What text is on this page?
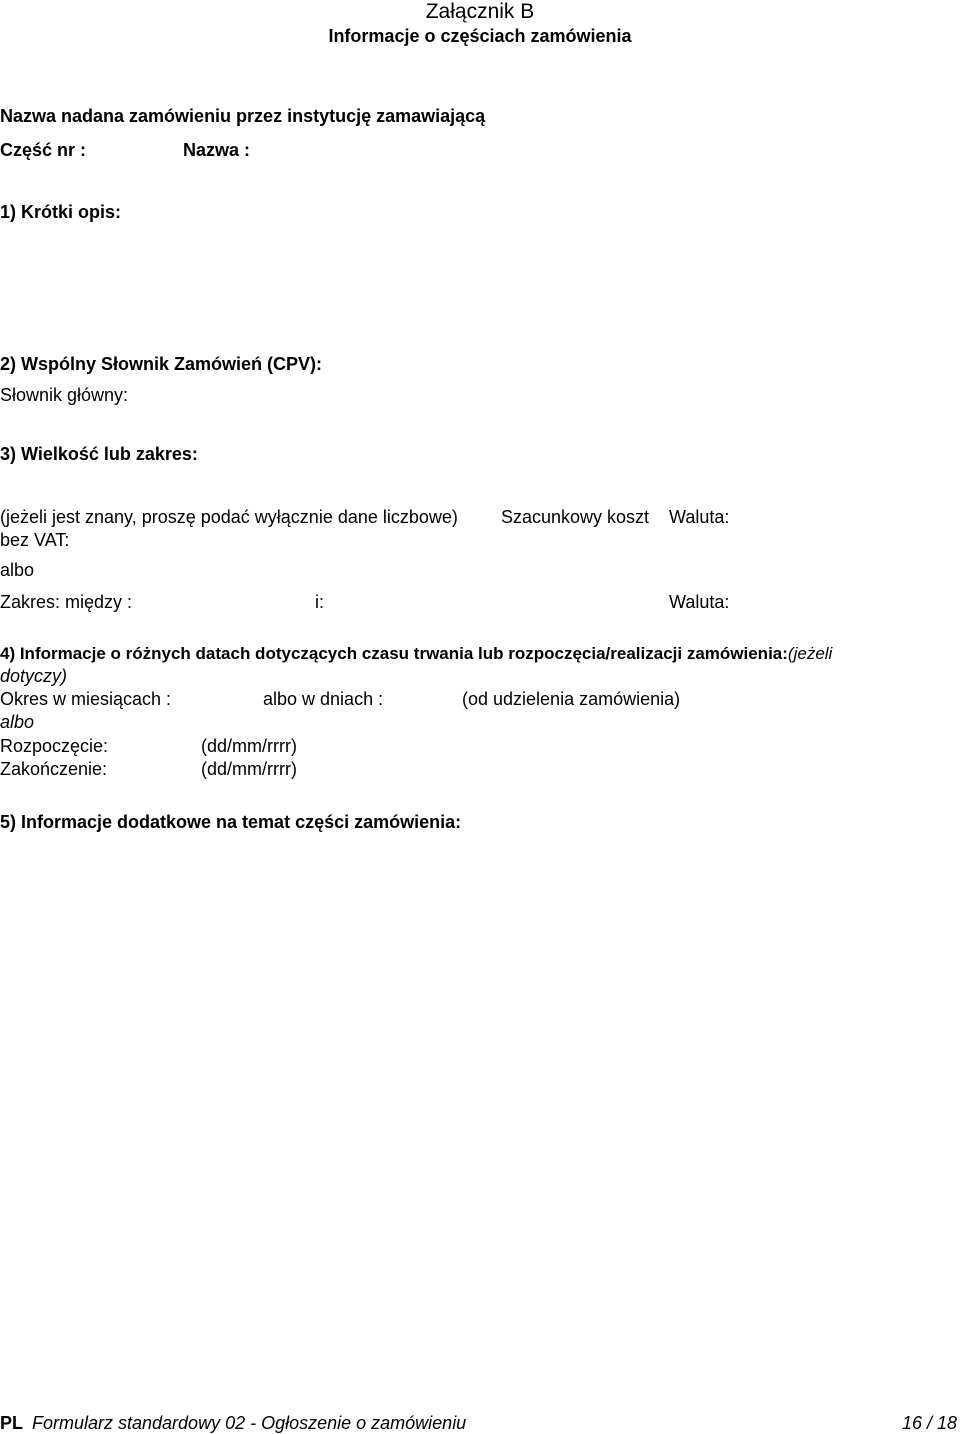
Załącznik B
Informacje o częściach zamówienia
Nazwa nadana zamówieniu przez instytucję zamawiającą
Część nr :	Nazwa :
1) Krótki opis:
2) Wspólny Słownik Zamówień (CPV):
Słownik główny:
3) Wielkość lub zakres:
(jeżeli jest znany, proszę podać wyłącznie dane liczbowe) Szacunkowy koszt Waluta:
bez VAT:
albo
Zakres: między :	i:	Waluta:
4) Informacje o różnych datach dotyczących czasu trwania lub rozpoczęcia/realizacji zamówienia:(jeżeli
dotyczy)
Okres w miesiącach :	albo w dniach :	(od udzielenia zamówienia)
albo
Rozpoczęcie:	(dd/mm/rrrr)
Zakończenie:	(dd/mm/rrrr)
5) Informacje dodatkowe na temat części zamówienia:
PL Formularz standardowy 02 - Ogłoszenie o zamówieniu	16 / 18
